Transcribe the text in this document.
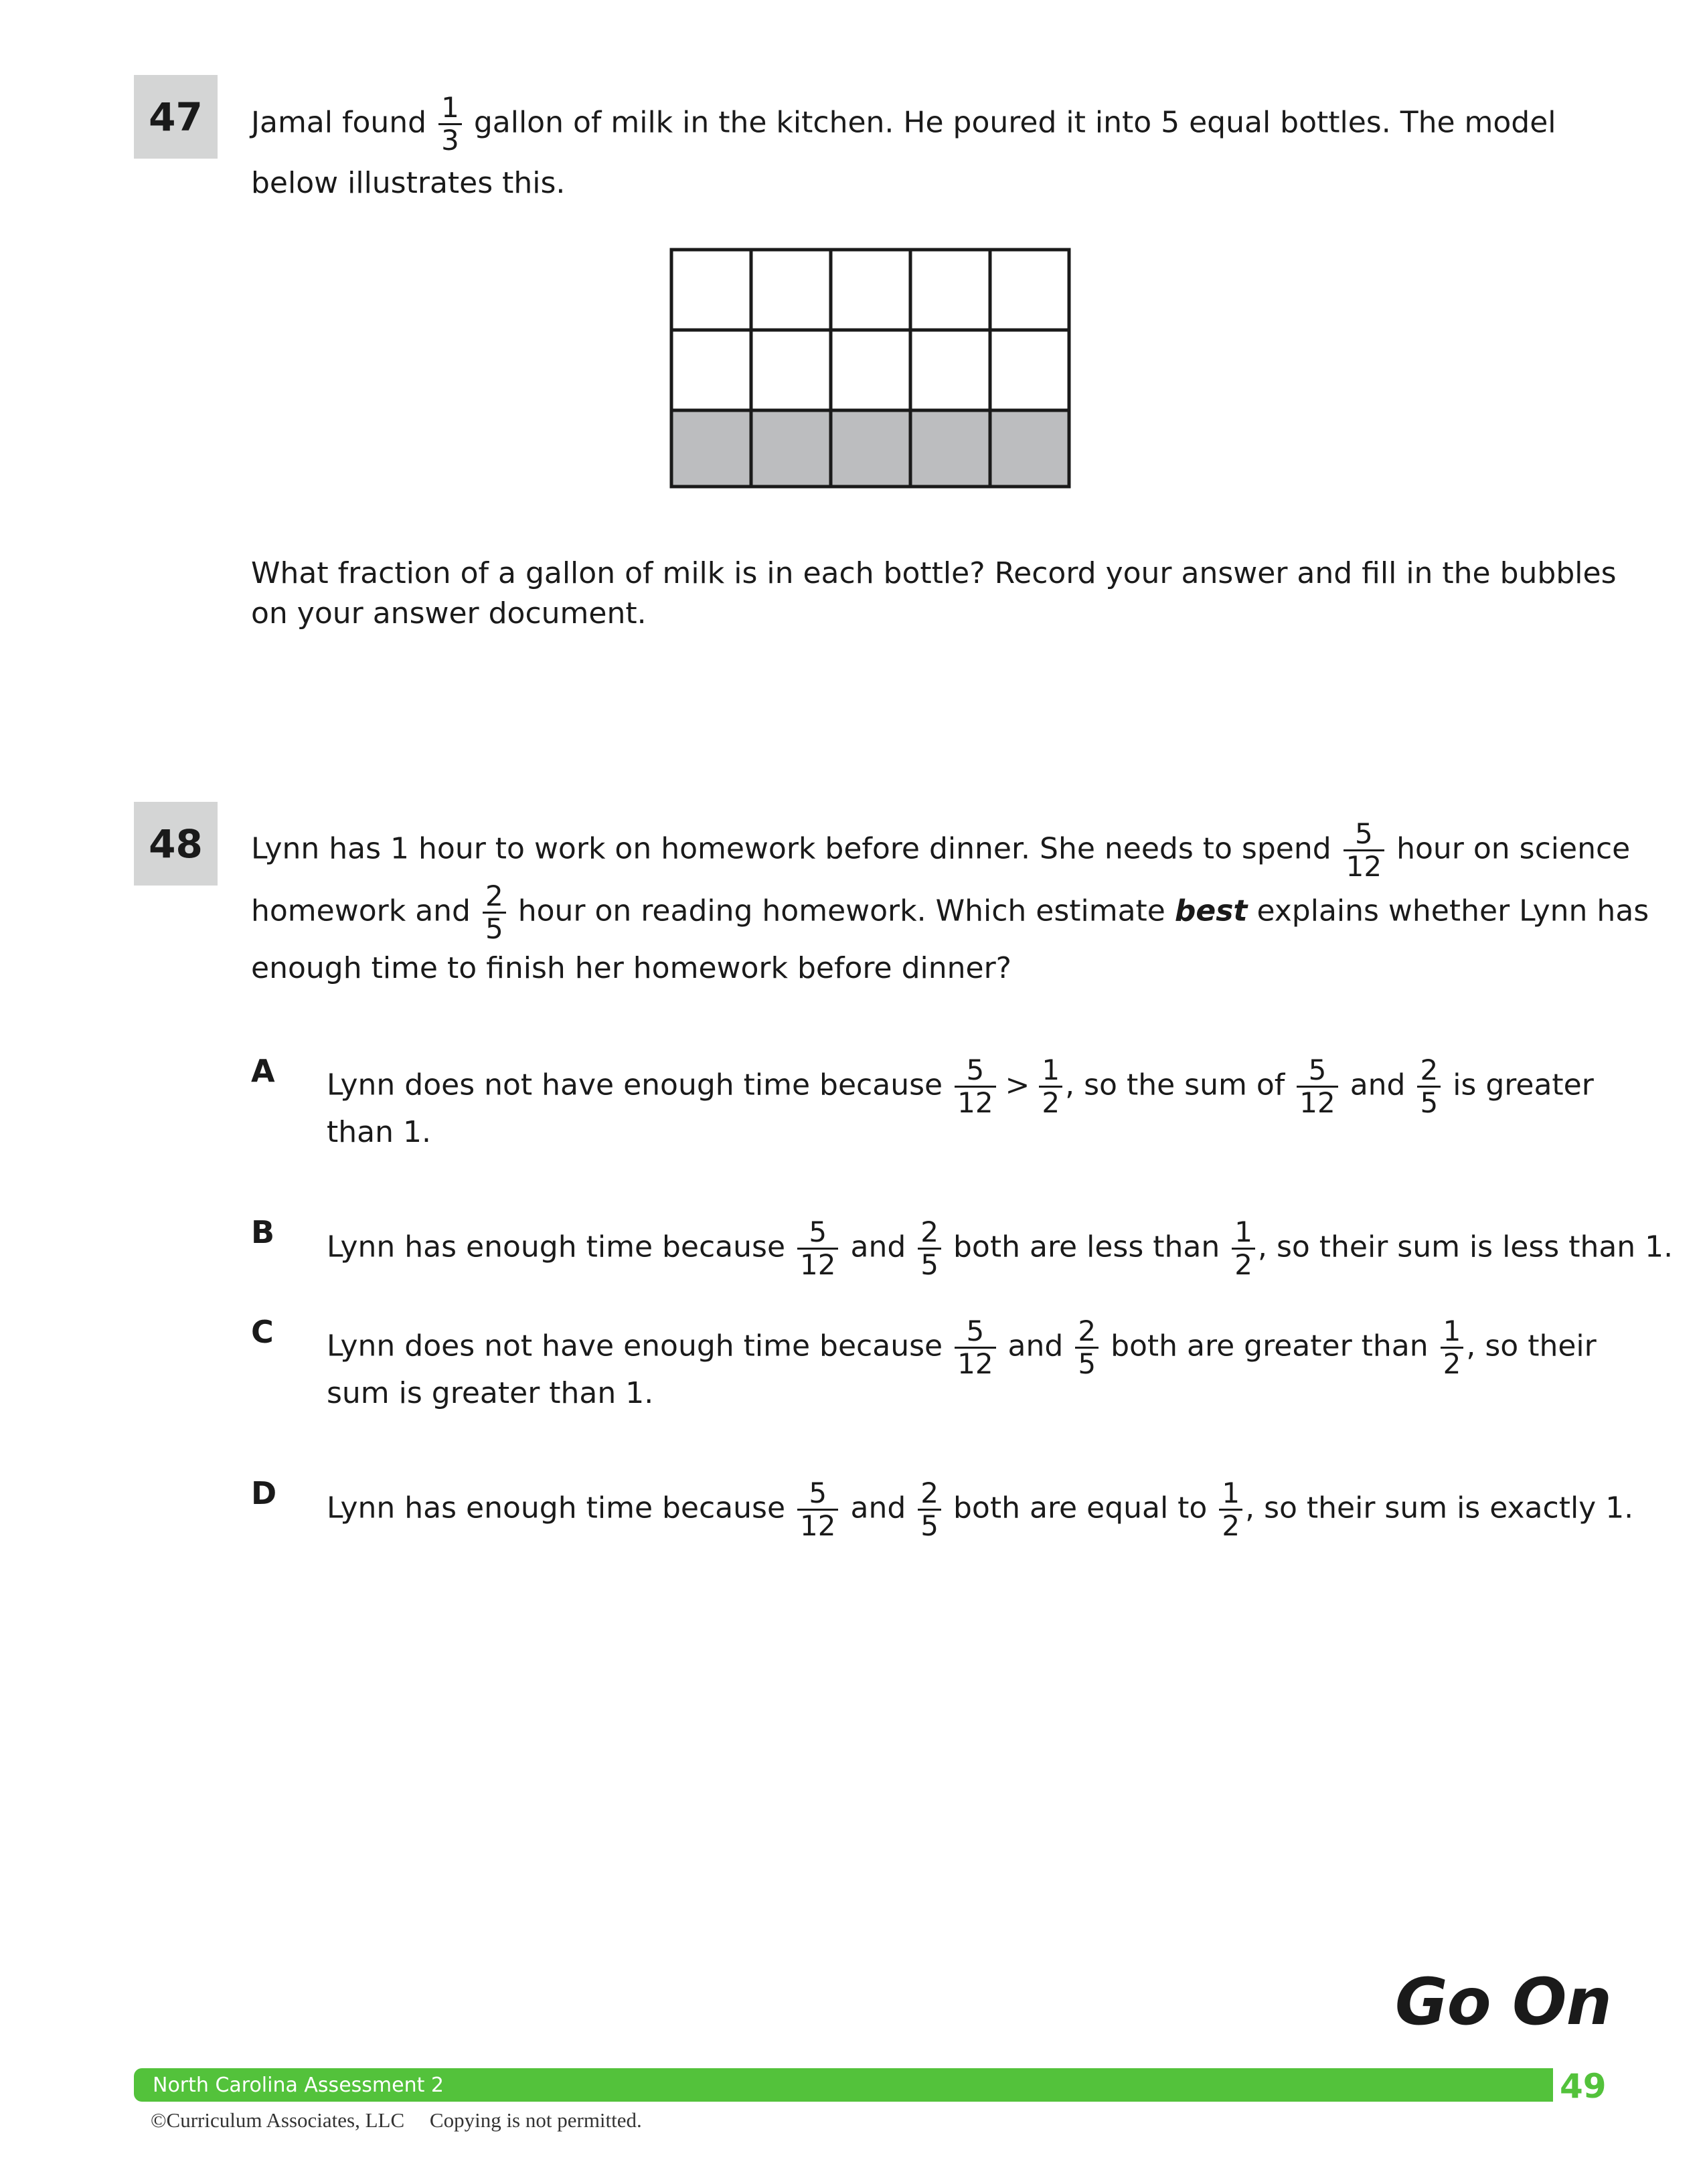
47	Jamal found $\frac{1}{3}$ gallon of milk in the kitchen. He poured it into 5 equal bottles. The model
below illustrates this.
What fraction of a gallon of milk is in each bottle? Record your answer and fill in the bubbles
on your answer document.
48	Lynn has 1 hour to work on homework before dinner. She needs to spend $\frac{5}{12}$ hour on science
homework and $\frac{2}{5}$ hour on reading homework. Which estimate best explains whether Lynn has
enough time to finish her homework before dinner?
A Lynn does not have enough time because $\frac{5}{12} > \frac{1}{2}$ , so the sum of $\frac{5}{12}$ and $\frac{2}{5}$ is greater
than 1.
B Lynn has enough time because $\frac{5}{12}$ and $\frac{2}{5}$ both are less than $\frac{1}{2}$ , so their sum is less than 1.
C Lynn does not have enough time because $\frac{5}{12}$ and $\frac{2}{5}$ both are greater than $\frac{1}{2}$ , so their
sum is greater than 1.
D Lynn has enough time because $\frac{5}{12}$ and $\frac{2}{5}$ both are equal to $\frac{1}{2}$ , so their sum is exactly 1.
Go On
North Carolina Assessment 2	49
©Curriculum Associates, LLC Copying is not permitted.
